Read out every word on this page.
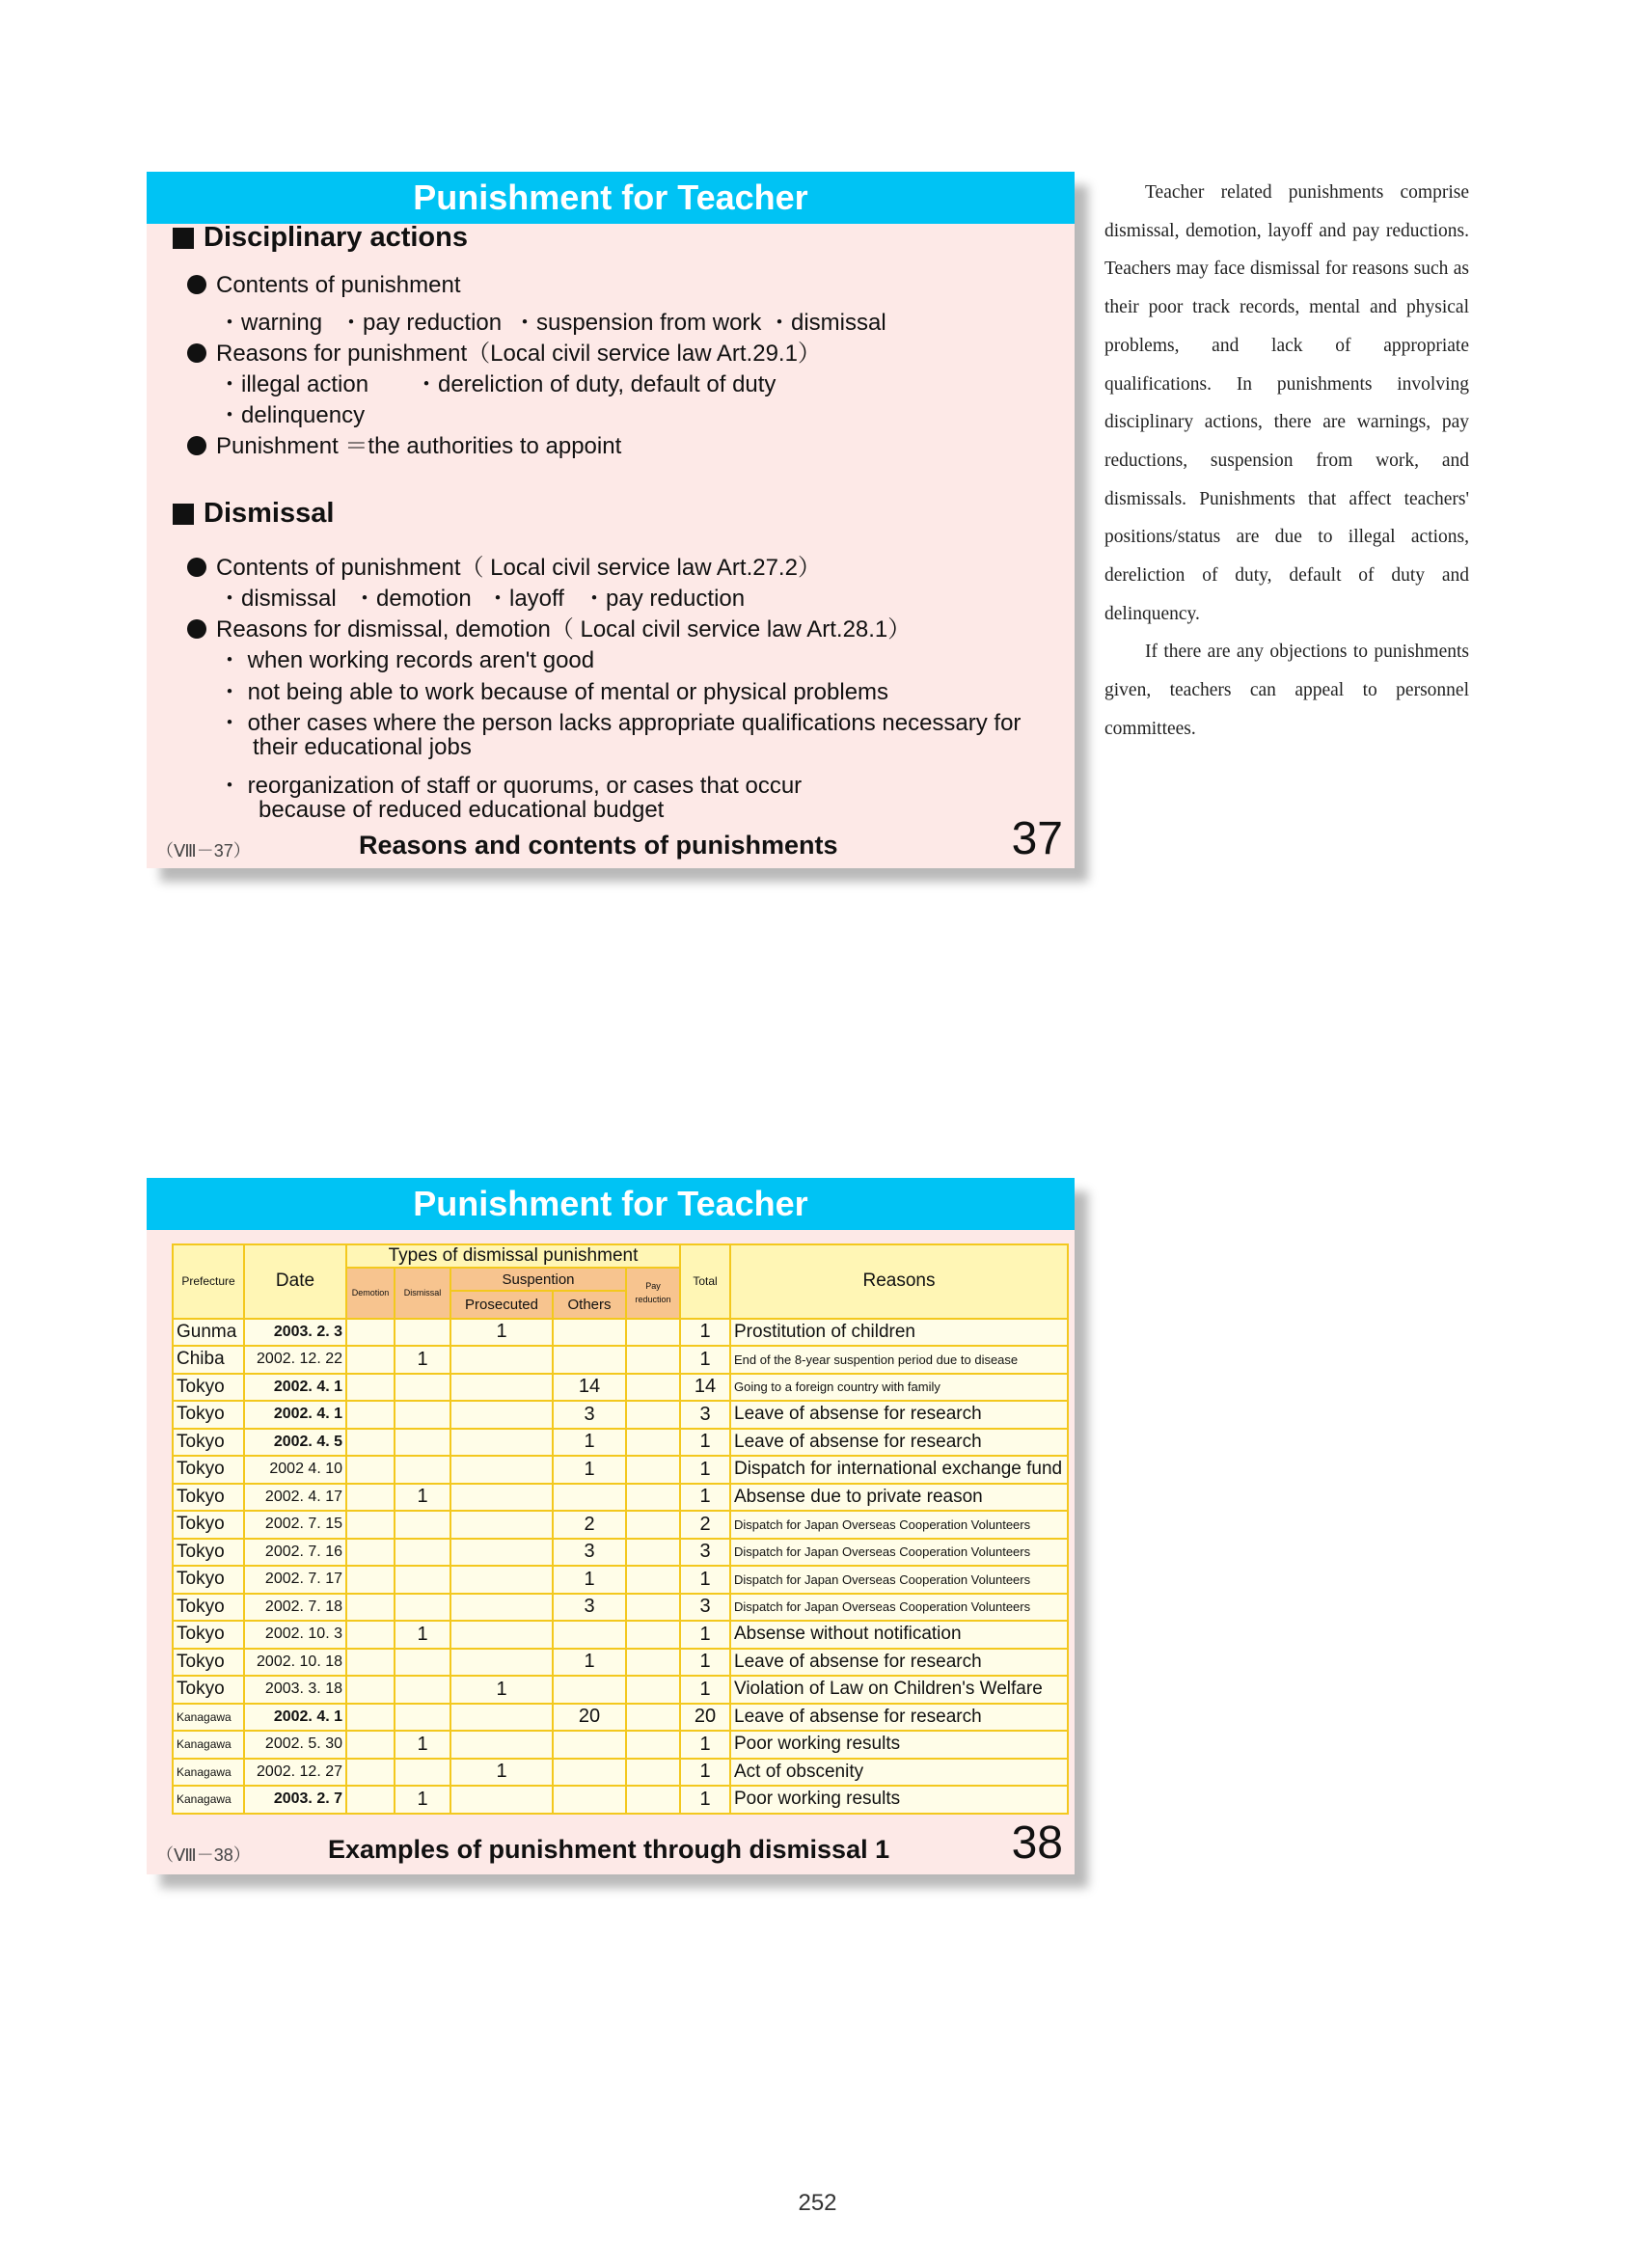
Punishment for Teacher
Disciplinary actions
Contents of punishment
・warning ・pay reduction ・suspension from work ・dismissal
Reasons for punishment（Local civil service law Art.29.1）
・illegal action ・dereliction of duty, default of duty
・delinquency
Punishment ＝the authorities to appoint
Dismissal
Contents of punishment（ Local civil service law Art.27.2）
・dismissal ・demotion ・layoff ・pay reduction
Reasons for dismissal, demotion（ Local civil service law Art.28.1）
・ when working records aren't good
・ not being able to work because of mental or physical problems
・ other cases where the person lacks appropriate qualifications necessary for
their educational jobs
・ reorganization of staff or quorums, or cases that occur
because of reduced educational budget
（Ⅷ－37）	Reasons and contents of punishments	37

Teacher related punishments comprise dismissal, demotion, layoff and pay reductions. Teachers may face dismissal for reasons such as their poor track records, mental and physical problems, and lack of appropriate qualifications. In punishments involving disciplinary actions, there are warnings, pay reductions, suspension from work, and dismissals. Punishments that affect teachers' positions/status are due to illegal actions, dereliction of duty, default of duty and delinquency.

If there are any objections to punishments given, teachers can appeal to personnel committees.

Punishment for Teacher
Prefecture	Date	Types of dismissal punishment					Total	Reasons
		Demotion	Dismissal	Suspention		Pay
reduction		
				Prosecuted	Others			
Gunma	2003. 2. 3			1			1	Prostitution of children
Chiba	2002. 12. 22		1				1	End of the 8-year suspention period due to disease
Tokyo	2002. 4. 1				14		14	Going to a foreign country with family
Tokyo	2002. 4. 1				3		3	Leave of absense for research
Tokyo	2002. 4. 5				1		1	Leave of absense for research
Tokyo	2002 4. 10				1		1	Dispatch for international exchange fund
Tokyo	2002. 4. 17		1				1	Absense due to private reason
Tokyo	2002. 7. 15				2		2	Dispatch for Japan Overseas Cooperation Volunteers
Tokyo	2002. 7. 16				3		3	Dispatch for Japan Overseas Cooperation Volunteers
Tokyo	2002. 7. 17				1		1	Dispatch for Japan Overseas Cooperation Volunteers
Tokyo	2002. 7. 18				3		3	Dispatch for Japan Overseas Cooperation Volunteers
Tokyo	2002. 10. 3		1				1	Absense without notification
Tokyo	2002. 10. 18				1		1	Leave of absense for research
Tokyo	2003. 3. 18			1			1	Violation of Law on Children's Welfare
Kanagawa	2002. 4. 1				20		20	Leave of absense for research
Kanagawa	2002. 5. 30		1				1	Poor working results
Kanagawa	2002. 12. 27			1			1	Act of obscenity
Kanagawa	2003. 2. 7		1				1	Poor working results
（Ⅷ－38）	Examples of punishment through dismissal 1	38
252
